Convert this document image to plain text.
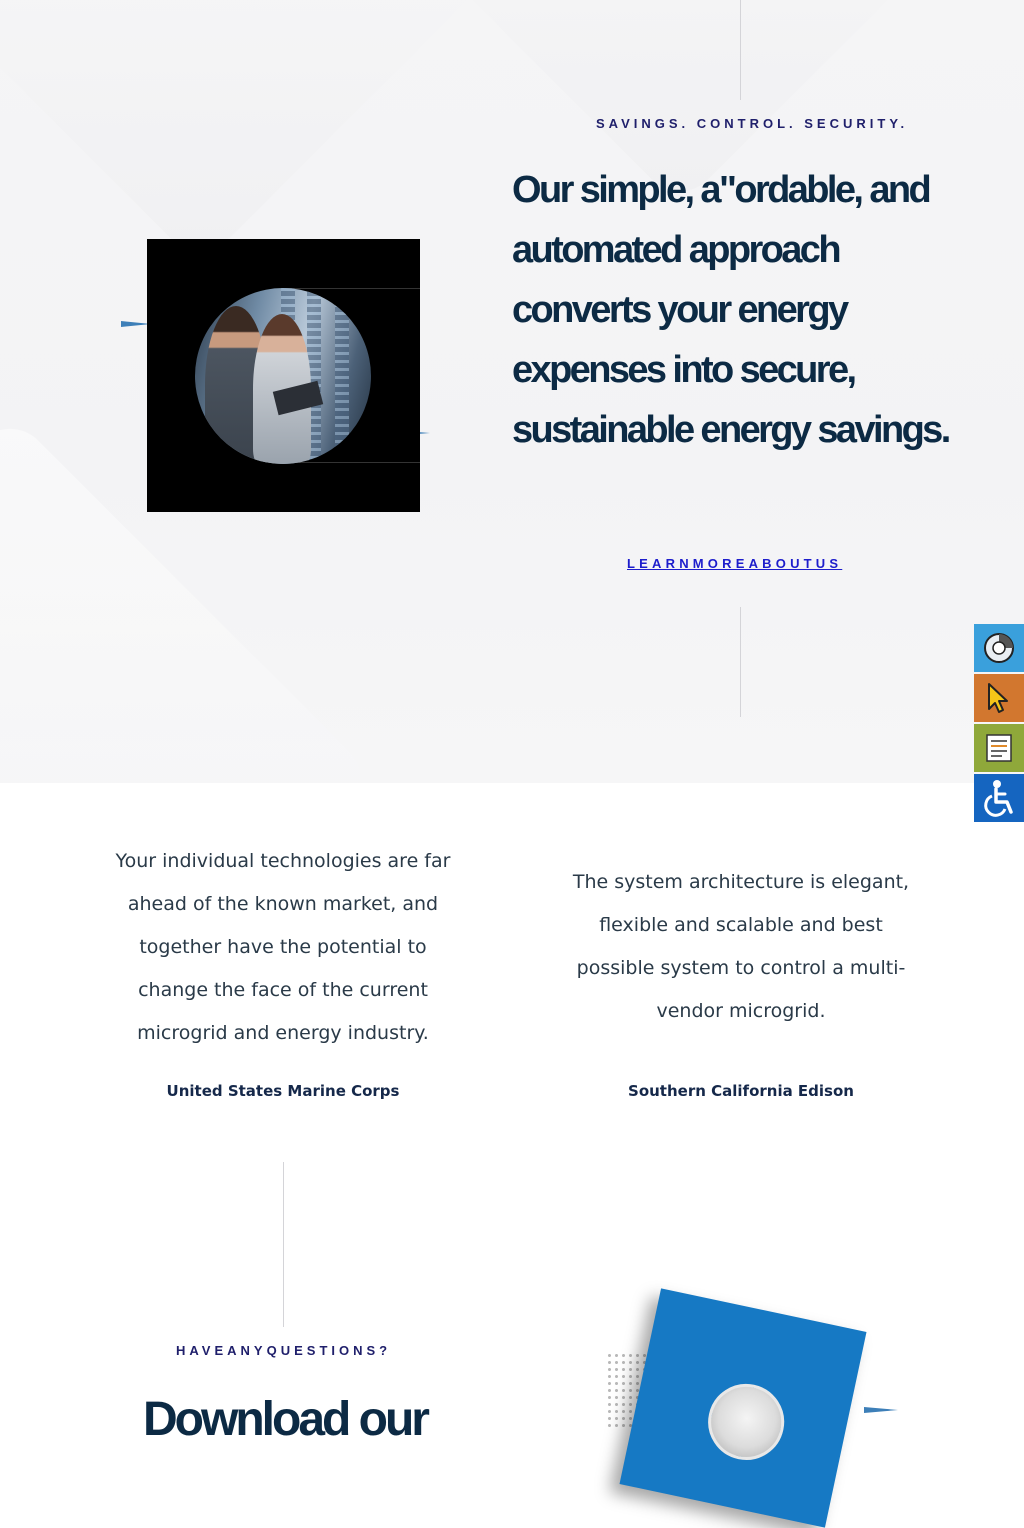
SAVINGS. CONTROL. SECURITY.
Our simple, a"ordable, and automated approach converts your energy expenses into secure, sustainable energy savings.
LEARNMOREABOUTUS

Your individual technologies are far ahead of the known market, and together have the potential to change the face of the current microgrid and energy industry.

United States Marine Corps

The system architecture is elegant, flexible and scalable and best possible system to control a multi-vendor microgrid.

Southern California Edison
HAVEANYQUESTIONS?
Download our
